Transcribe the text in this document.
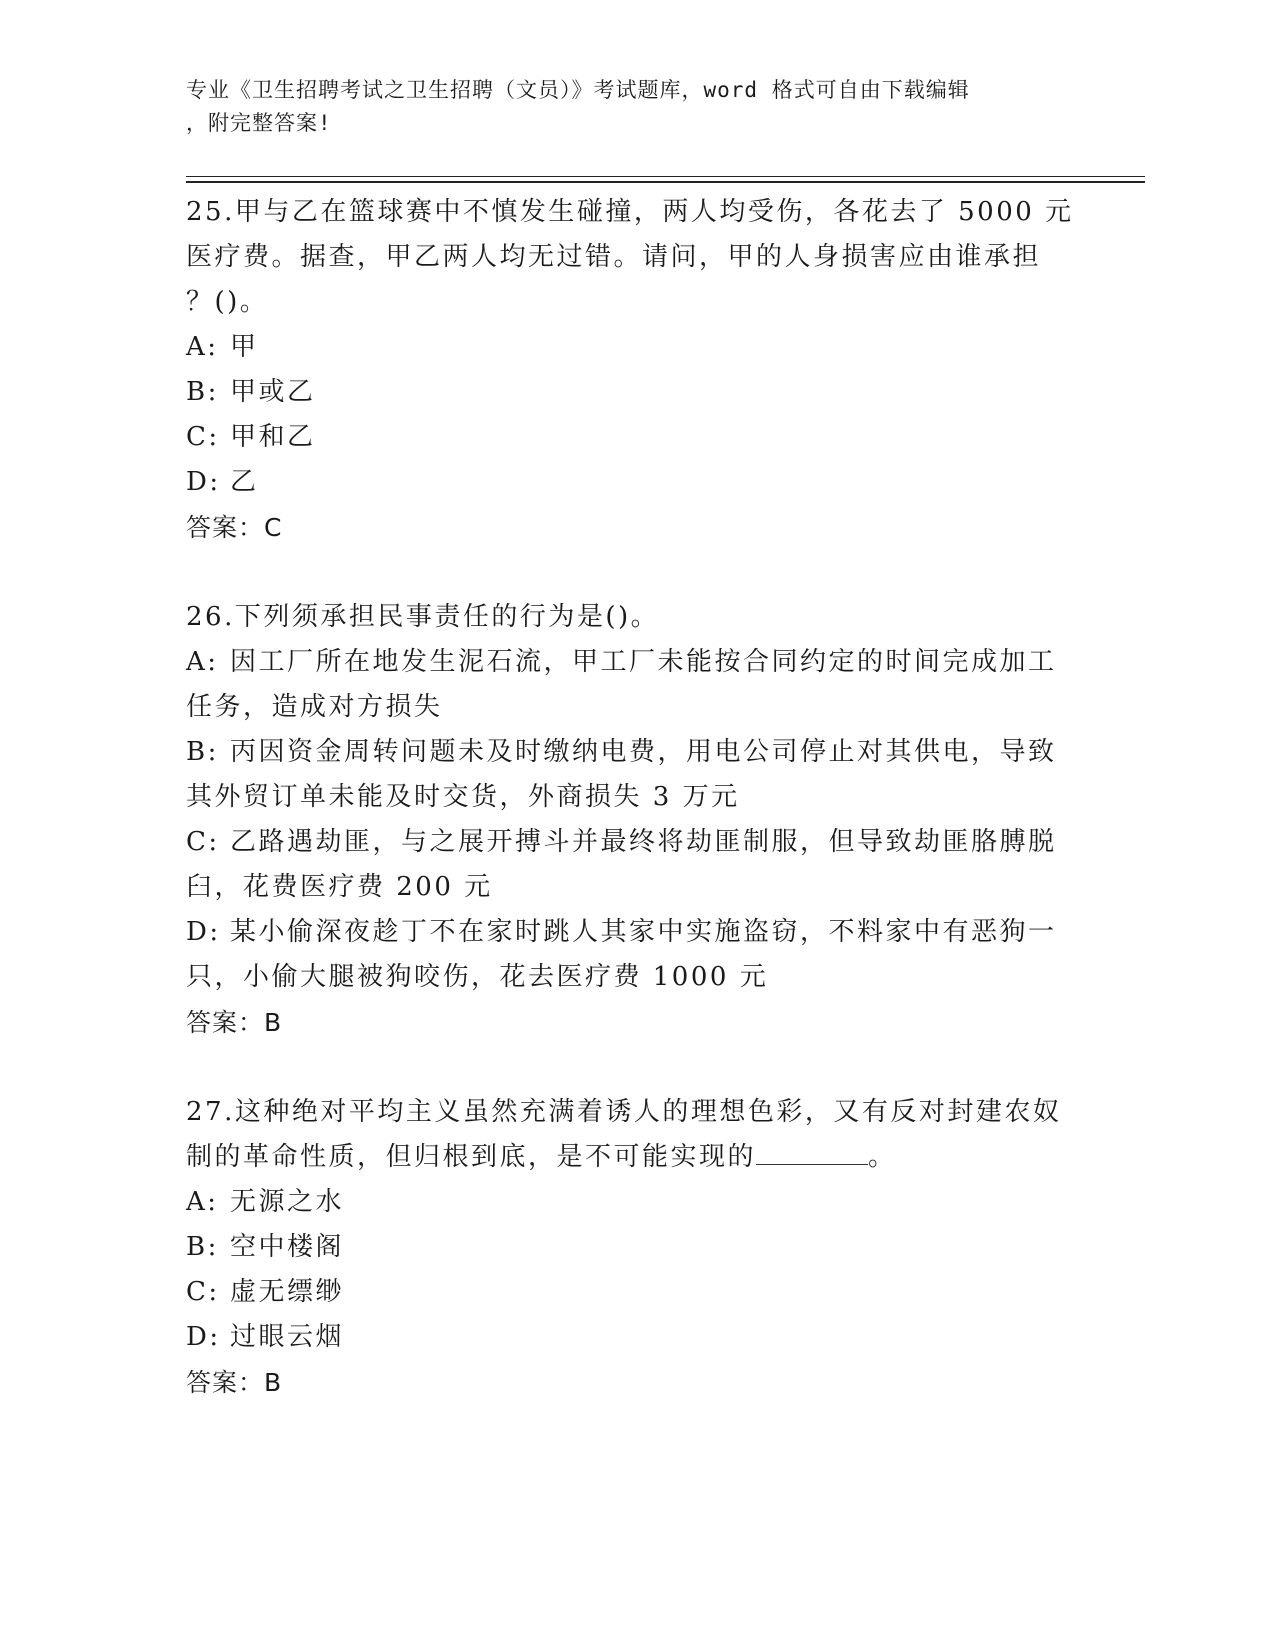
专业《卫生招聘考试之卫生招聘（文员）》考试题库，word 格式可自由下载编辑
，附完整答案!
25.甲与乙在篮球赛中不慎发生碰撞，两人均受伤，各花去了 5000 元
医疗费。据查，甲乙两人均无过错。请问，甲的人身损害应由谁承担
？()。
A: 甲
B: 甲或乙
C: 甲和乙
D: 乙
答案：C
26.下列须承担民事责任的行为是()。
A: 因工厂所在地发生泥石流，甲工厂未能按合同约定的时间完成加工
任务，造成对方损失
B: 丙因资金周转问题未及时缴纳电费，用电公司停止对其供电，导致
其外贸订单未能及时交货，外商损失 3 万元
C: 乙路遇劫匪，与之展开搏斗并最终将劫匪制服，但导致劫匪胳膊脱
臼，花费医疗费 200 元
D: 某小偷深夜趁丁不在家时跳人其家中实施盗窃，不料家中有恶狗一
只，小偷大腿被狗咬伤，花去医疗费 1000 元
答案：B
27.这种绝对平均主义虽然充满着诱人的理想色彩，又有反对封建农奴
制的革命性质，但归根到底，是不可能实现的	。
A: 无源之水
B: 空中楼阁
C: 虚无缥缈
D: 过眼云烟
答案：B
